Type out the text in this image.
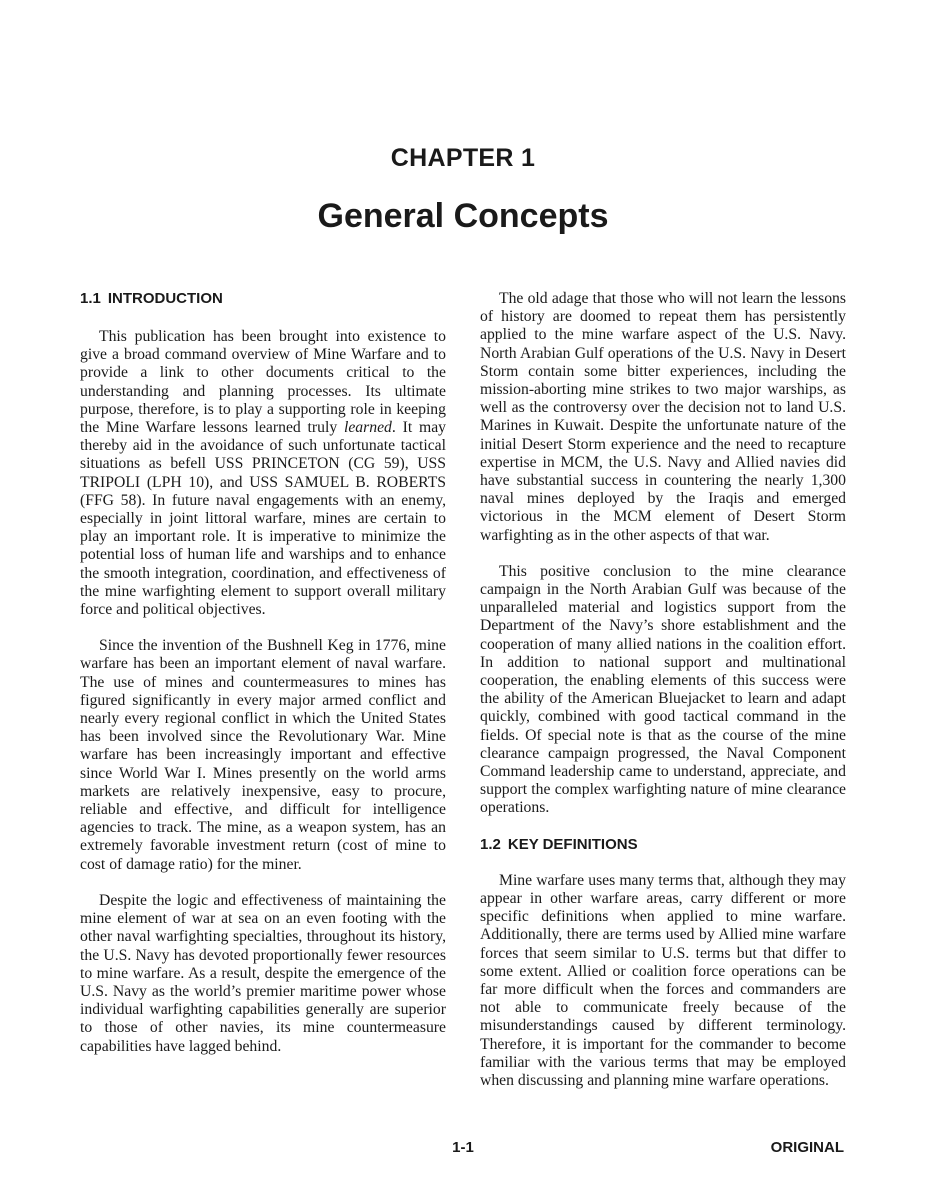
CHAPTER 1
General Concepts
1.1 INTRODUCTION

This publication has been brought into existence to give a broad command overview of Mine Warfare and to provide a link to other documents critical to the understanding and planning processes. Its ultimate purpose, therefore, is to play a supporting role in keeping the Mine Warfare lessons learned truly learned. It may thereby aid in the avoidance of such unfortunate tactical situations as befell USS PRINCETON (CG 59), USS TRIPOLI (LPH 10), and USS SAMUEL B. ROBERTS (FFG 58). In future naval engagements with an enemy, especially in joint littoral warfare, mines are certain to play an important role. It is imperative to minimize the potential loss of human life and warships and to enhance the smooth integration, coordination, and effectiveness of the mine warfighting element to support overall military force and political objectives.

Since the invention of the Bushnell Keg in 1776, mine warfare has been an important element of naval warfare. The use of mines and countermeasures to mines has figured significantly in every major armed conflict and nearly every regional conflict in which the United States has been involved since the Revolutionary War. Mine warfare has been increasingly important and effective since World War I. Mines presently on the world arms markets are relatively inexpensive, easy to procure, reliable and effective, and difficult for intelligence agencies to track. The mine, as a weapon system, has an extremely favorable investment return (cost of mine to cost of damage ratio) for the miner.

Despite the logic and effectiveness of maintaining the mine element of war at sea on an even footing with the other naval warfighting specialties, throughout its history, the U.S. Navy has devoted proportionally fewer resources to mine warfare. As a result, despite the emergence of the U.S. Navy as the world’s premier maritime power whose individual warfighting capabilities generally are superior to those of other navies, its mine countermeasure capabilities have lagged behind.

The old adage that those who will not learn the lessons of history are doomed to repeat them has persistently applied to the mine warfare aspect of the U.S. Navy. North Arabian Gulf operations of the U.S. Navy in Desert Storm contain some bitter experiences, including the mission-aborting mine strikes to two major warships, as well as the controversy over the decision not to land U.S. Marines in Kuwait. Despite the unfortunate nature of the initial Desert Storm experience and the need to recapture expertise in MCM, the U.S. Navy and Allied navies did have substantial success in countering the nearly 1,300 naval mines deployed by the Iraqis and emerged victorious in the MCM element of Desert Storm warfighting as in the other aspects of that war.

This positive conclusion to the mine clearance campaign in the North Arabian Gulf was because of the unparalleled material and logistics support from the Department of the Navy’s shore establishment and the cooperation of many allied nations in the coalition effort. In addition to national support and multinational cooperation, the enabling elements of this success were the ability of the American Bluejacket to learn and adapt quickly, combined with good tactical command in the fields. Of special note is that as the course of the mine clearance campaign progressed, the Naval Component Command leadership came to understand, appreciate, and support the complex warfighting nature of mine clearance operations.

1.2 KEY DEFINITIONS

Mine warfare uses many terms that, although they may appear in other warfare areas, carry different or more specific definitions when applied to mine warfare. Additionally, there are terms used by Allied mine warfare forces that seem similar to U.S. terms but that differ to some extent. Allied or coalition force operations can be far more difficult when the forces and commanders are not able to communicate freely because of the misunderstandings caused by different terminology. Therefore, it is important for the commander to become familiar with the various terms that may be employed when discussing and planning mine warfare operations.

1-1	ORIGINAL
